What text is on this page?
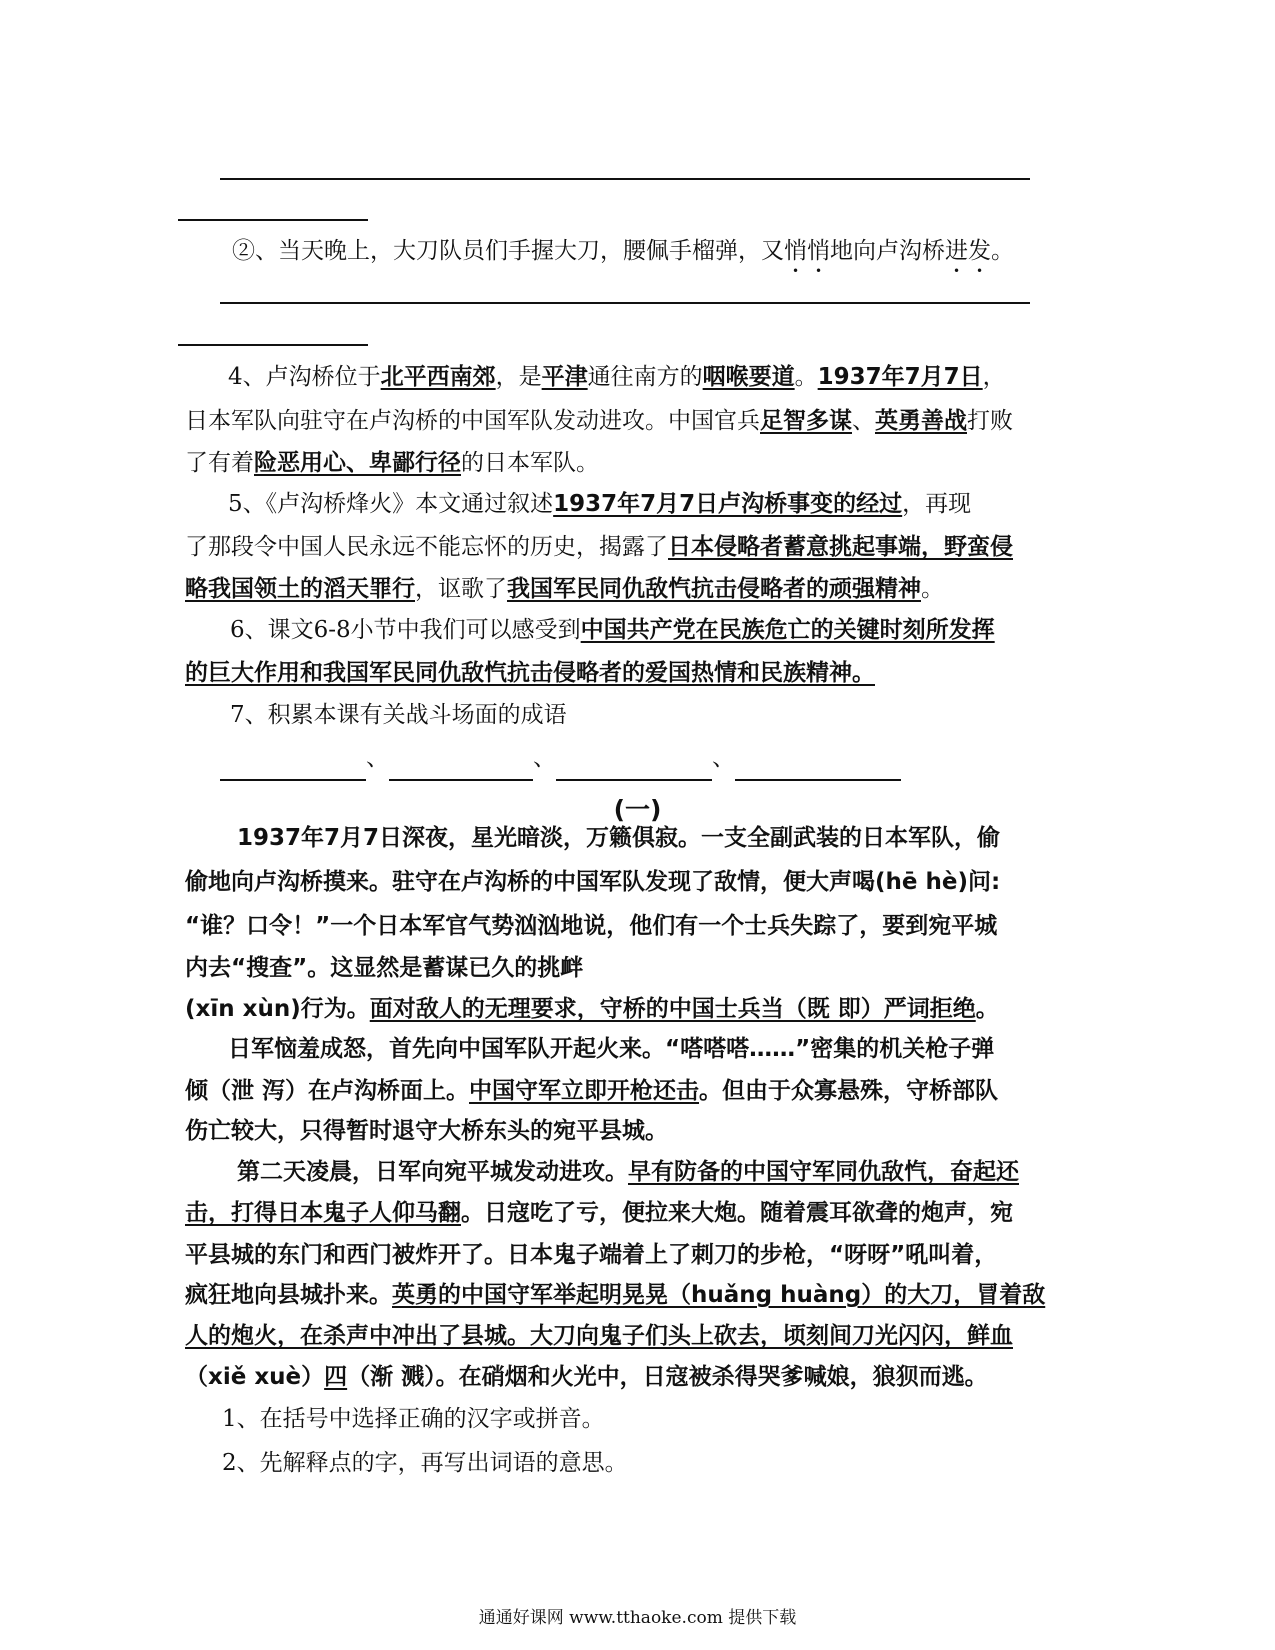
②、当天晚上，大刀队员们手握大刀，腰佩手榴弹，又悄悄地向卢沟桥进发。

4、卢沟桥位于北平西南郊，是平津通往南方的咽喉要道。1937年7月7日，

日本军队向驻守在卢沟桥的中国军队发动进攻。中国官兵足智多谋、英勇善战打败

了有着险恶用心、卑鄙行径的日本军队。

5、《卢沟桥烽火》本文通过叙述1937年7月7日卢沟桥事变的经过，再现

了那段令中国人民永远不能忘怀的历史，揭露了日本侵略者蓄意挑起事端，野蛮侵

略我国领土的滔天罪行，讴歌了我国军民同仇敌忾抗击侵略者的顽强精神。

6、课文6-8小节中我们可以感受到中国共产党在民族危亡的关键时刻所发挥

的巨大作用和我国军民同仇敌忾抗击侵略者的爱国热情和民族精神。

7、积累本课有关战斗场面的成语

、	、	、

(一)

1937年7月7日深夜，星光暗淡，万籁俱寂。一支全副武装的日本军队，偷

偷地向卢沟桥摸来。驻守在卢沟桥的中国军队发现了敌情，便大声喝(hē hè)问:

“谁？口令！”一个日本军官气势汹汹地说，他们有一个士兵失踪了，要到宛平城

内去“搜查”。这显然是蓄谋已久的挑衅

(xīn xùn)行为。面对敌人的无理要求，守桥的中国士兵当（既 即）严词拒绝。

日军恼羞成怒，首先向中国军队开起火来。“嗒嗒嗒……”密集的机关枪子弹

倾（泄 泻）在卢沟桥面上。中国守军立即开枪还击。但由于众寡悬殊，守桥部队

伤亡较大，只得暂时退守大桥东头的宛平县城。

第二天凌晨，日军向宛平城发动进攻。早有防备的中国守军同仇敌忾，奋起还

击，打得日本鬼子人仰马翻。日寇吃了亏，便拉来大炮。随着震耳欲聋的炮声，宛

平县城的东门和西门被炸开了。日本鬼子端着上了刺刀的步枪，“呀呀”吼叫着，

疯狂地向县城扑来。英勇的中国守军举起明晃晃（huǎng huàng）的大刀，冒着敌

人的炮火，在杀声中冲出了县城。大刀向鬼子们头上砍去，顷刻间刀光闪闪，鲜血

（xiě xuè）四（渐 溅）。在硝烟和火光中，日寇被杀得哭爹喊娘，狼狈而逃。

1、在括号中选择正确的汉字或拼音。

2、先解释点的字，再写出词语的意思。

通通好课网 www.tthaoke.com 提供下载
